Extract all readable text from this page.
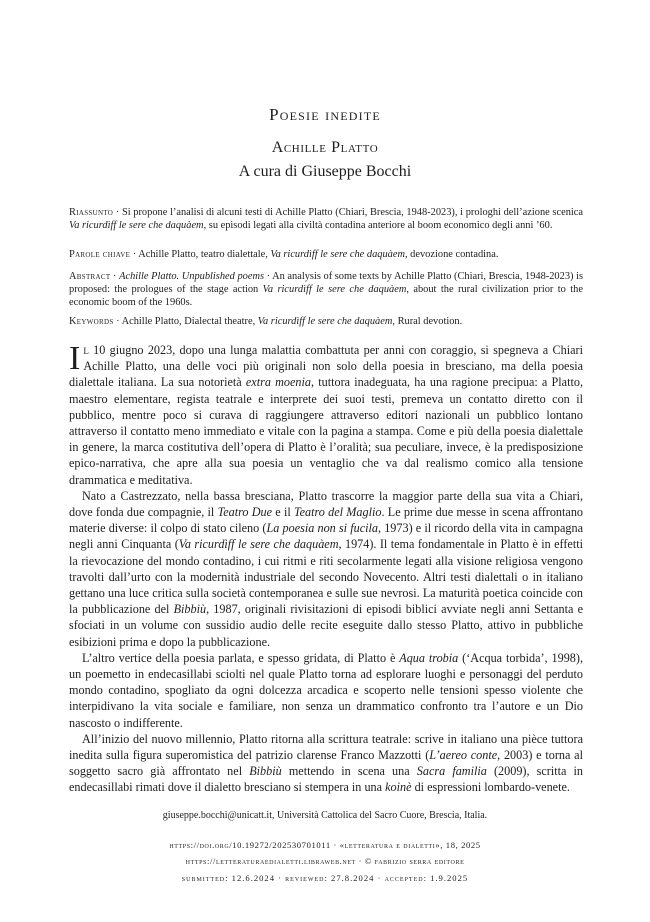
Poesie inedite
Achille Platto
A cura di Giuseppe Bocchi

Riassunto · Si propone l’analisi di alcuni testi di Achille Platto (Chiari, Brescia, 1948-2023), i prologhi dell’azione scenica Va ricurdìff le sere che daquàem, su episodi legati alla civiltà contadina anteriore al boom economico degli anni ’60.

Parole chiave · Achille Platto, teatro dialettale, Va ricurdìff le sere che daquàem, devozione contadina.

Abstract · Achille Platto. Unpublished poems · An analysis of some texts by Achille Platto (Chiari, Brescia, 1948-2023) is proposed: the prologues of the stage action Va ricurdìff le sere che daquàem, about the rural civilization prior to the economic boom of the 1960s.

Keywords · Achille Platto, Dialectal theatre, Va ricurdìff le sere che daquàem, Rural devotion.

Il 10 giugno 2023, dopo una lunga malattia combattuta per anni con coraggio, si spegneva a Chiari Achille Platto, una delle voci più originali non solo della poesia in bresciano, ma della poesia dialettale italiana. La sua notorietà extra moenia, tuttora inadeguata, ha una ragione precipua: a Platto, maestro elementare, regista teatrale e interprete dei suoi testi, premeva un contatto diretto con il pubblico, mentre poco si curava di raggiungere attraverso editori nazionali un pubblico lontano attraverso il contatto meno immediato e vitale con la pagina a stampa. Come e più della poesia dialettale in genere, la marca costitutiva dell’opera di Platto è l’oralità; sua peculiare, invece, è la predisposizione epico-narrativa, che apre alla sua poesia un ventaglio che va dal realismo comico alla tensione drammatica e meditativa.

Nato a Castrezzato, nella bassa bresciana, Platto trascorre la maggior parte della sua vita a Chiari, dove fonda due compagnie, il Teatro Due e il Teatro del Maglio. Le prime due messe in scena affrontano materie diverse: il colpo di stato cileno (La poesia non si fucila, 1973) e il ricordo della vita in campagna negli anni Cinquanta (Va ricurdìff le sere che daquàem, 1974). Il tema fondamentale in Platto è in effetti la rievocazione del mondo contadino, i cui ritmi e riti secolarmente legati alla visione religiosa vengono travolti dall’urto con la modernità industriale del secondo Novecento. Altri testi dialettali o in italiano gettano una luce critica sulla società contemporanea e sulle sue nevrosi. La maturità poetica coincide con la pubblicazione del Bibbiù, 1987, originali rivisitazioni di episodi biblici avviate negli anni Settanta e sfociati in un volume con sussidio audio delle recite eseguite dallo stesso Platto, attivo in pubbliche esibizioni prima e dopo la pubblicazione.

L’altro vertice della poesia parlata, e spesso gridata, di Platto è Aqua trobia (‘Acqua torbida’, 1998), un poemetto in endecasillabi sciolti nel quale Platto torna ad esplorare luoghi e personaggi del perduto mondo contadino, spogliato da ogni dolcezza arcadica e scoperto nelle tensioni spesso violente che interpidivano la vita sociale e familiare, non senza un drammatico confronto tra l’autore e un Dio nascosto o indifferente.

All’inizio del nuovo millennio, Platto ritorna alla scrittura teatrale: scrive in italiano una pièce tuttora inedita sulla figura superomistica del patrizio clarense Franco Mazzotti (L’aereo conte, 2003) e torna al soggetto sacro già affrontato nel Bibbiù mettendo in scena una Sacra familia (2009), scritta in endecasillabi rimati dove il dialetto bresciano si stempera in una koinè di espressioni lombardo-venete.

giuseppe.bocchi@unicatt.it, Università Cattolica del Sacro Cuore, Brescia, Italia.
https://doi.org/10.19272/202530701011 · «letteratura e dialetti», 18, 2025
https://letteraturaedialetti.libraweb.net · © fabrizio serra editore
submitted: 12.6.2024 · reviewed: 27.8.2024 · accepted: 1.9.2025
